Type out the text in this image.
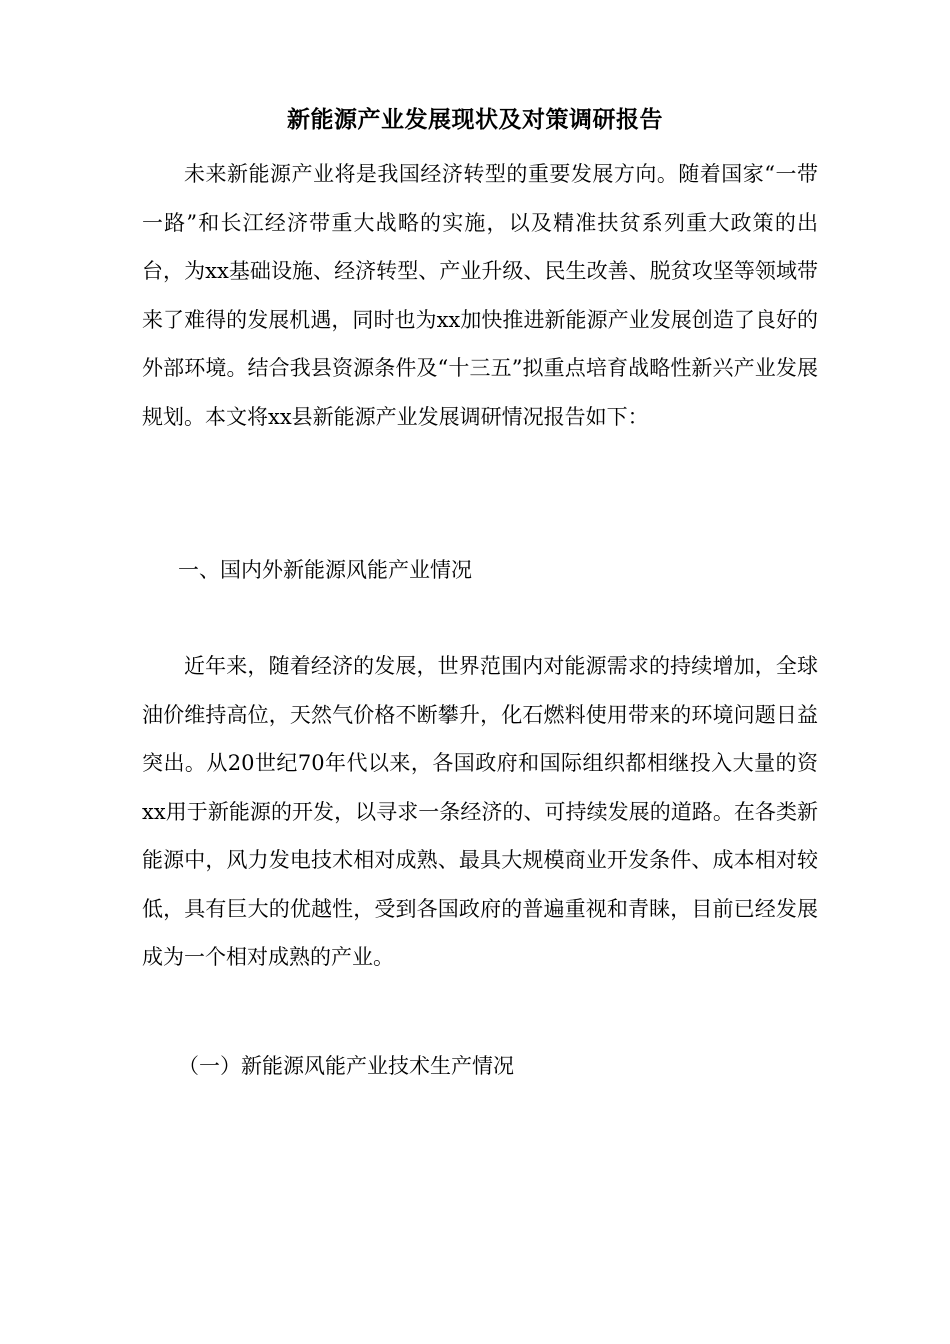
新能源产业发展现状及对策调研报告

未来新能源产业将是我国经济转型的重要发展方向。随着国家“一带一路”和长江经济带重大战略的实施，以及精准扶贫系列重大政策的出台，为xx基础设施、经济转型、产业升级、民生改善、脱贫攻坚等领域带来了难得的发展机遇，同时也为xx加快推进新能源产业发展创造了良好的外部环境。结合我县资源条件及“十三五”拟重点培育战略性新兴产业发展规划。本文将xx县新能源产业发展调研情况报告如下：

一、国内外新能源风能产业情况

近年来，随着经济的发展，世界范围内对能源需求的持续增加，全球油价维持高位，天然气价格不断攀升，化石燃料使用带来的环境问题日益突出。从20世纪70年代以来，各国政府和国际组织都相继投入大量的资xx用于新能源的开发，以寻求一条经济的、可持续发展的道路。在各类新能源中，风力发电技术相对成熟、最具大规模商业开发条件、成本相对较低，具有巨大的优越性，受到各国政府的普遍重视和青睐，目前已经发展成为一个相对成熟的产业。

（一）新能源风能产业技术生产情况
